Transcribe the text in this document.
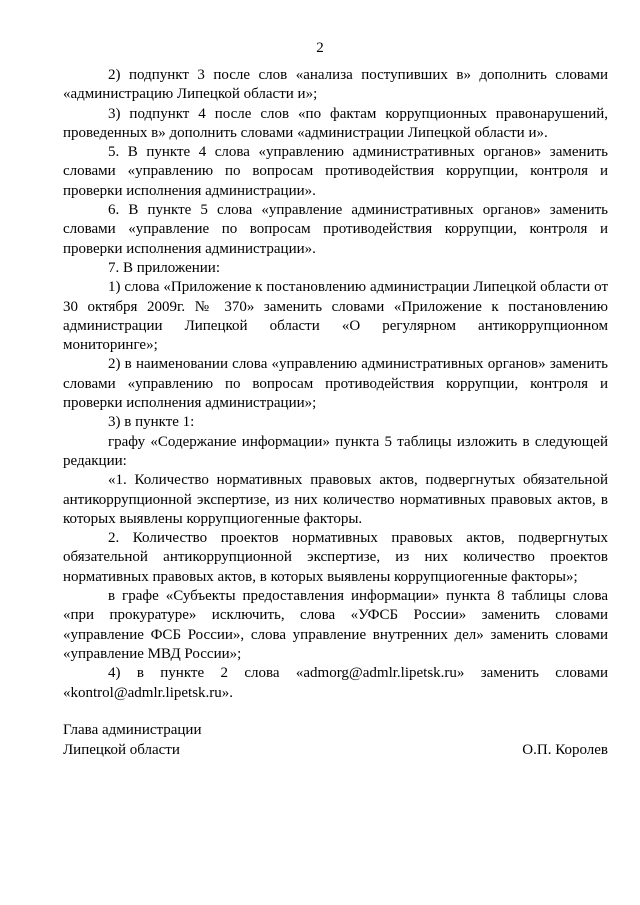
2

2) подпункт 3 после слов «анализа поступивших в» дополнить словами «администрацию Липецкой области и»;

3) подпункт 4 после слов «по фактам коррупционных правонарушений, проведенных в» дополнить словами «администрации Липецкой области и».

5. В пункте 4 слова «управлению административных органов» заменить словами «управлению по вопросам противодействия коррупции, контроля и проверки исполнения администрации».

6. В пункте 5 слова «управление административных органов» заменить словами «управление по вопросам противодействия коррупции, контроля и проверки исполнения администрации».

7. В приложении:

1) слова «Приложение к постановлению администрации Липецкой области от 30 октября 2009г. № 370» заменить словами «Приложение к постановлению администрации Липецкой области «О регулярном антикоррупционном мониторинге»;

2) в наименовании слова «управлению административных органов» заменить словами «управлению по вопросам противодействия коррупции, контроля и проверки исполнения администрации»;

3) в пункте 1:

графу «Содержание информации» пункта 5 таблицы изложить в следующей редакции:

«1. Количество нормативных правовых актов, подвергнутых обязательной антикоррупционной экспертизе, из них количество нормативных правовых актов, в которых выявлены коррупциогенные факторы.

2. Количество проектов нормативных правовых актов, подвергнутых обязательной антикоррупционной экспертизе, из них количество проектов нормативных правовых актов, в которых выявлены коррупциогенные факторы»;

в графе «Субъекты предоставления информации» пункта 8 таблицы слова «при прокуратуре» исключить, слова «УФСБ России» заменить словами «управление ФСБ России», слова управление внутренних дел» заменить словами «управление МВД России»;

4) в пункте 2 слова «admorg@admlr.lipetsk.ru» заменить словами «kontrol@admlr.lipetsk.ru».

Глава администрации
Липецкой области	О.П. Королев
